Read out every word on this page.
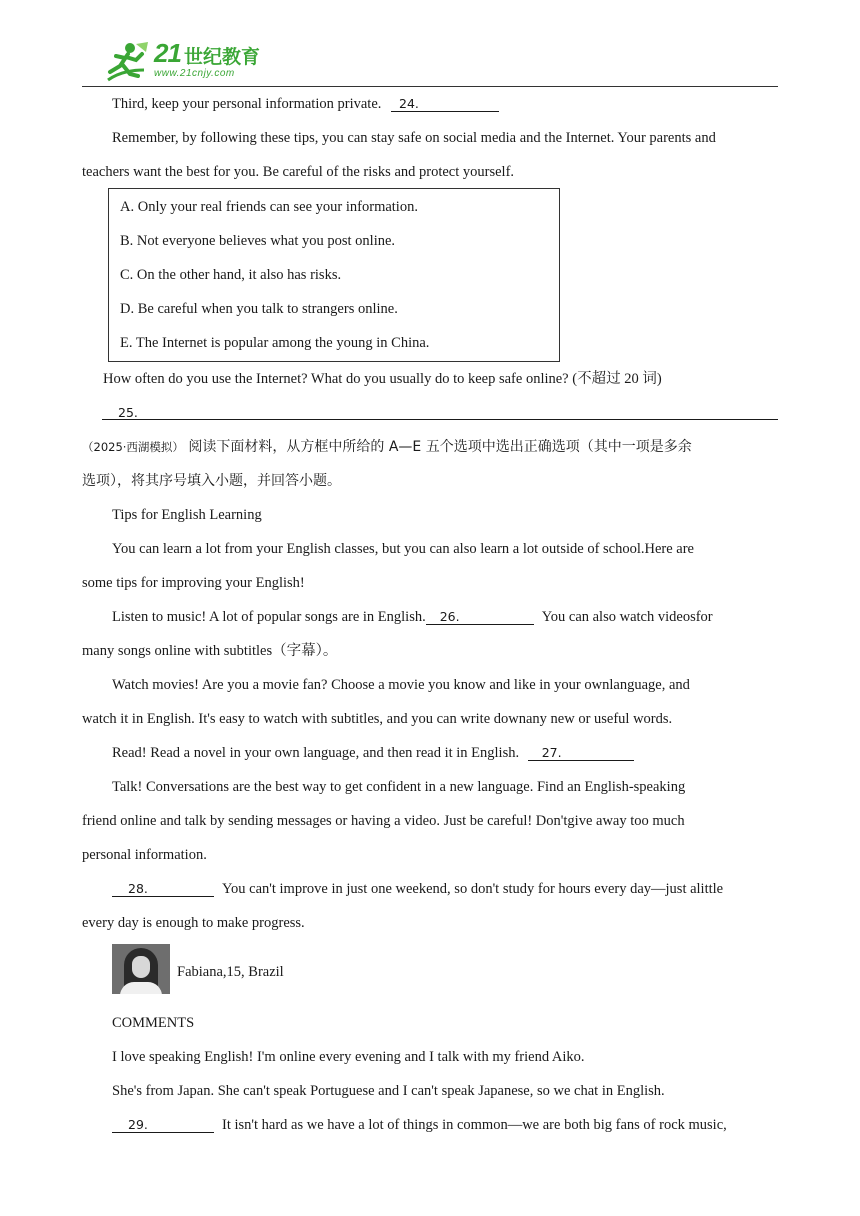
21 世纪教育
www.21cnjy.com
Third, keep your personal information private. 24.
Remember, by following these tips, you can stay safe on social media and the Internet. Your parents and
teachers want the best for you. Be careful of the risks and protect yourself.
A. Only your real friends can see your information.
B. Not everyone believes what you post online.
C. On the other hand, it also has risks.
D. Be careful when you talk to strangers online.
E. The Internet is popular among the young in China.
How often do you use the Internet? What do you usually do to keep safe online? (不超过 20 词)
25.
（2025·西湖模拟） 阅读下面材料，从方框中所给的 A—E 五个选项中选出正确选项（其中一项是多余
选项），将其序号填入小题，并回答小题。
Tips for English Learning
You can learn a lot from your English classes, but you can also learn a lot outside of school.Here are
some tips for improving your English!
Listen to music! A lot of popular songs are in English. 26.	You can also watch videosfor
many songs online with subtitles（字幕）。
Watch movies! Are you a movie fan? Choose a movie you know and like in your ownlanguage, and
watch it in English. It's easy to watch with subtitles, and you can write downany new or useful words.
Read! Read a novel in your own language, and then read it in English. 27.
Talk! Conversations are the best way to get confident in a new language. Find an English-speaking
friend online and talk by sending messages or having a video. Just be careful! Don'tgive away too much
personal information.
28.	You can't improve in just one weekend, so don't study for hours every day—just alittle
every day is enough to make progress.
Fabiana,15, Brazil
COMMENTS
I love speaking English! I'm online every evening and I talk with my friend Aiko.
She's from Japan. She can't speak Portuguese and I can't speak Japanese, so we chat in English.
29.	It isn't hard as we have a lot of things in common—we are both big fans of rock music,
